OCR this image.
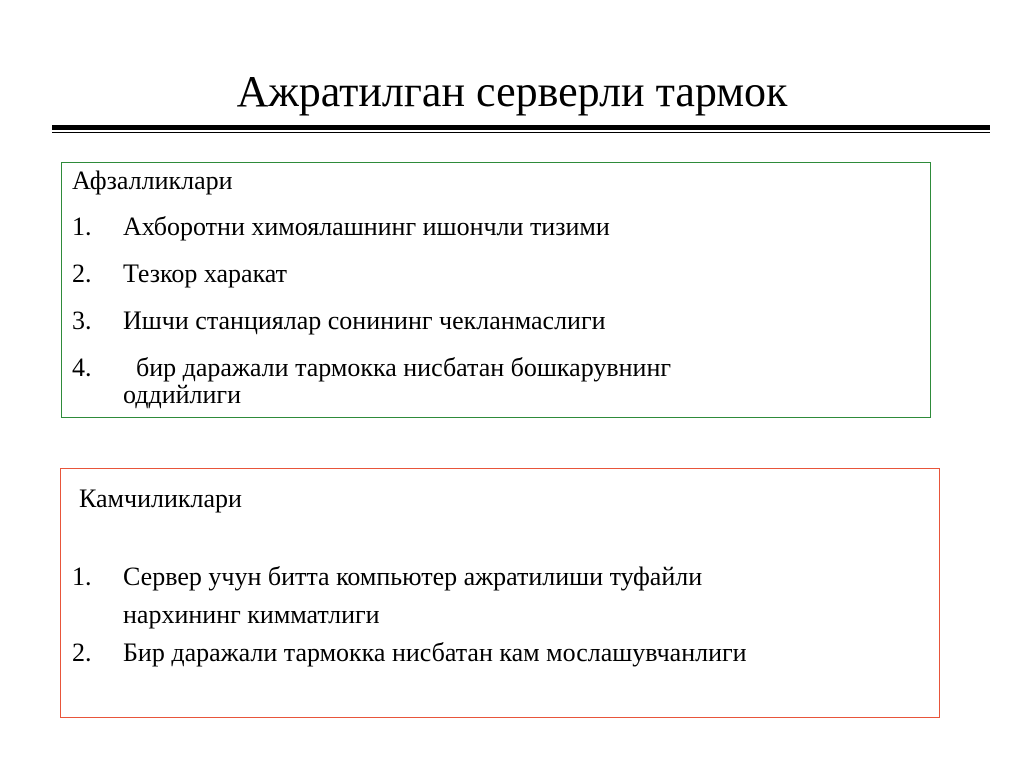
Ажратилган серверли тармок
Афзалликлари
1. Ахборотни химоялашнинг ишончли тизими
2. Тезкор харакат
3. Ишчи станциялар сонининг чекланмаслиги
4. бир даражали тармокка нисбатан бошкарувнинг
оддийлиги
Камчиликлари
1. Сервер учун битта компьютер ажратилиши туфайли
нархининг кимматлиги
2. Бир даражали тармокка нисбатан кам мослашувчанлиги
